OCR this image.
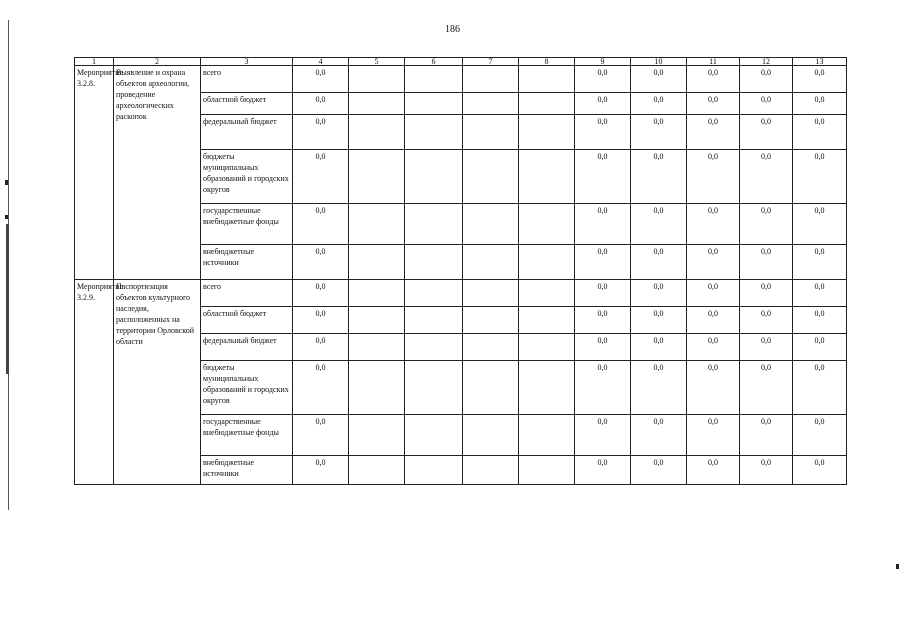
186
1	2	3	4	5	6	7	8	9	10	11	12	13
Мероприятие 3.2.8.	Выявление и охрана объектов археологии, проведение археологических раскопок	всего	0,0					0,0	0,0	0,0	0,0	0,0
		областной бюджет	0,0					0,0	0,0	0,0	0,0	0,0
		федеральный бюджет	0,0					0,0	0,0	0,0	0,0	0,0
		бюджеты муниципальных образований и городских округов	0,0					0,0	0,0	0,0	0,0	0,0
		государственные внебюджетные фонды	0,0					0,0	0,0	0,0	0,0	0,0
		внебюджетные источники	0,0					0,0	0,0	0,0	0,0	0,0
Мероприятие 3.2.9.	Паспортизация объектов культурного наследия, расположенных на территории Орловской области	всего	0,0					0,0	0,0	0,0	0,0	0,0
		областной бюджет	0,0					0,0	0,0	0,0	0,0	0,0
		федеральный бюджет	0,0					0,0	0,0	0,0	0,0	0,0
		бюджеты муниципальных образований и городских округов	0,0					0,0	0,0	0,0	0,0	0,0
		государственные внебюджетные фонды	0,0					0,0	0,0	0,0	0,0	0,0
		внебюджетные источники	0,0					0,0	0,0	0,0	0,0	0,0
